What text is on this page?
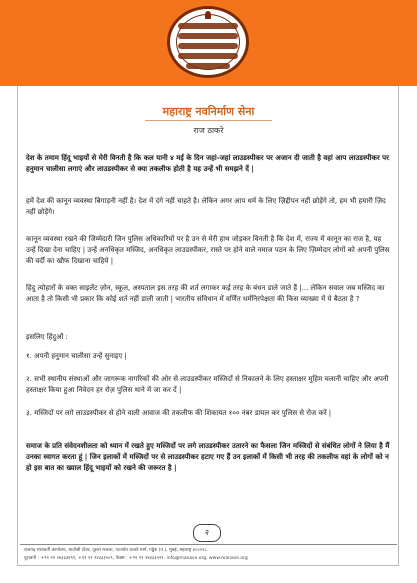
महाराष्ट्र नवनिर्माण सेना
राज ठाकरे
देश के तमाम हिंदू भाइयों से मेरी विनती है कि कल यानी ४ मई के दिन जहां-जहां लाउडस्पीकर पर अजान दी जाती है वहां आप लाउडस्पीकर पर हनुमान चालीसा लगाएं और लाउडस्पीकर से क्या तकलीफ होती है यह उन्हें भी समझने दें |
हमें देश की कानून व्यवस्था बिगाड़नी नहीं है। देश में दंगे नहीं चाहते है। लेकिन अगर आप धर्म के लिए ज़िद्दीपन नहीं छोड़ेंगे तो, हम भी हमारी ज़िद नहीं छोड़ेंगे।
कानून व्यवस्था रखने की जिम्मेदारी जिन पुलिस अधिकारियों पर है उन से मेरी हाथ जोड़कर विनती है कि देश में, राज्य में कानून का राज है, यह उन्हें दिखा देना चाहिए | उन्हें अनधिकृत मस्जिद, अनधिकृत लाउडस्पीकर, रास्ते पर होने वाले नमाज पठन के लिए ज़िम्मेदार लोगों को अपनी पुलिस की वर्दी का खौफ दिखाना चाहिये |
हिंदु त्योहारों के वक्त साइलेंट ज़ोन, स्कूल, अस्पताल इस तरह की शर्त लगाकर कई तरह के बंधन डाले जाते हैं |... लेकिन सवाल जब मस्जिद का आता है तो किसी भी प्रकार कि कोई शर्त नहीं डाली जाती | भारतीय संविधान में वर्णित धर्मनिरपेक्षता की किस व्याख्या में ये बैठता है ?
इसलिए हिंदुओं :
१. अपनी हनुमान चालीसा उन्हें सुनाइए |
२. सभी स्थानीय संस्थाओं और जागरूक नागरिकों की ओर से लाउडस्पीकर मस्जिदों से निकालने के लिए हस्ताक्षर मुहिम चलानी चाहिए और अपनी हस्ताक्षर किया हुआ निवेदन हर रोज़ पुलिस थाने में जा कर दें |
३. मस्जिदों पर लगे लाउडस्पीकर से होने वाली आवाज की तकलीफ की शिकायत १०० नंबर डायल कर पुलिस से रोज करें |
समाज के प्रति संवेदनशीलता को ध्यान में रखते हुए मस्जिदों पर लगे लाउडस्पीकर उतारने का फैसला जिन मस्जिदों से संबंधित लोगों ने लिया है मैं उनका स्वागत करता हूं | जिन इलाकों में मस्जिदों पर से लाउडस्पीकर हटाए गए हैं उन इलाकों में किसी भी तरह की तकलीफ वहां के लोगों को न हो इस बात का ख्याल हिंदू भाइयों को रखने की जरूरत है |
२
राजगढ़ मध्यवर्ती कार्यालय, मातोश्री टॉवर, दूसरा मजला, पटवर्धन ठाकरे मार्ग, गठ्ठेश (प.), मुंबई, महाराष्ट्र ४०००२८.
दूरध्वनी : +९१ २२ २४३३३४९९, +९१ २२ २४३३३५०९, फॅक्स : +९१ २२ २४३३३५११. info@manase.org, www.manase.org
